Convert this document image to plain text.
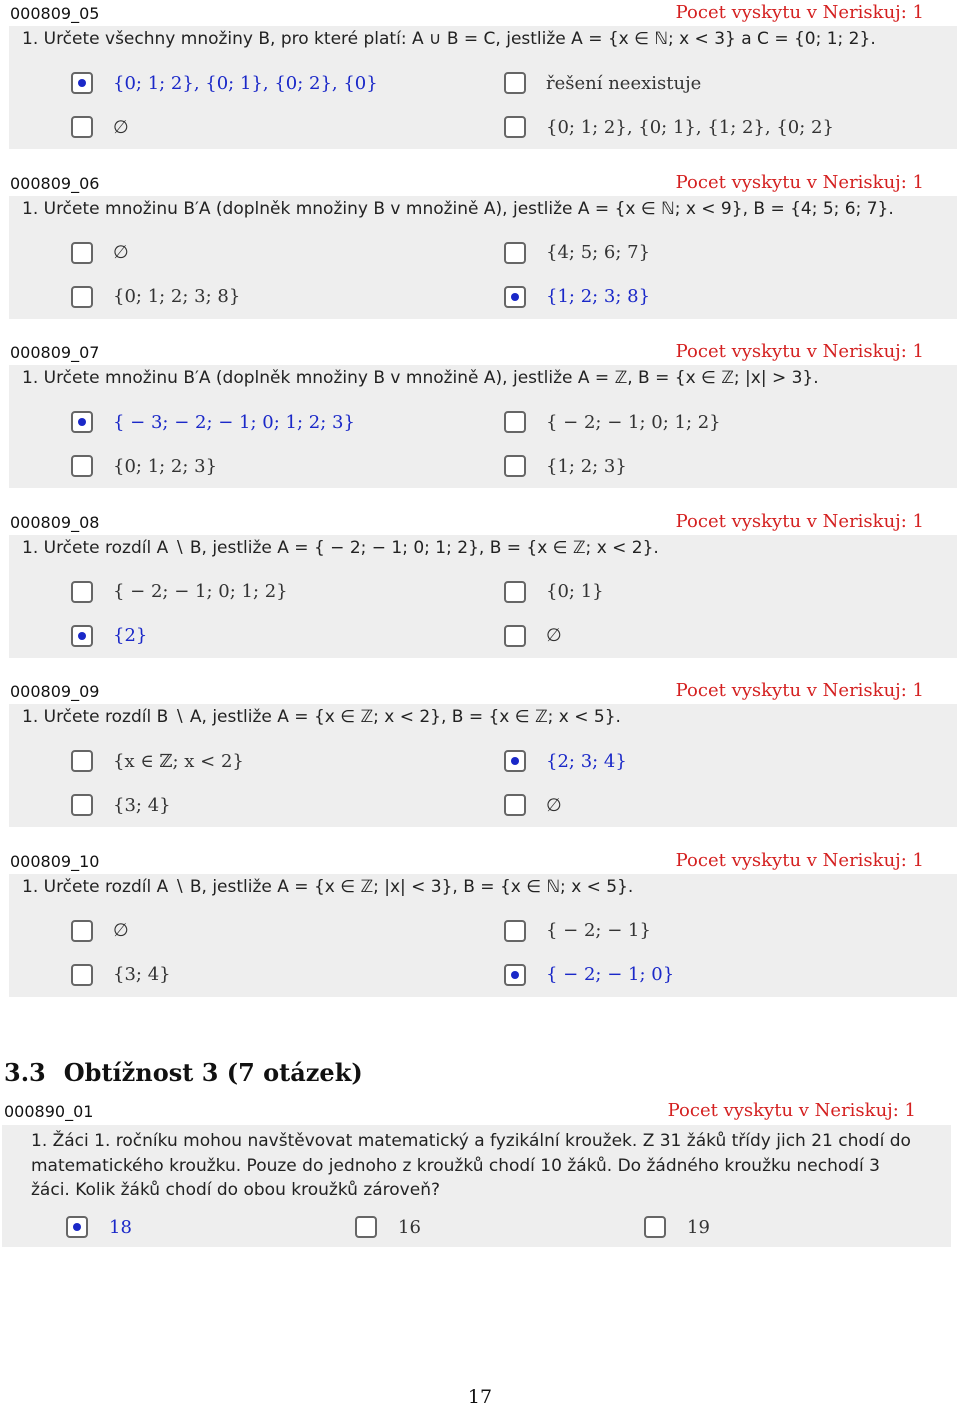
000809_05	Pocet vyskytu v Neriskuj: 1
1. Určete všechny množiny B, pro které platí: A ∪ B = C, jestliže A = {x ∈ ℕ; x < 3} a C = {0; 1; 2}.
{0; 1; 2}, {0; 1}, {0; 2}, {0}	řešení neexistuje
∅	{0; 1; 2}, {0; 1}, {1; 2}, {0; 2}
000809_06	Pocet vyskytu v Neriskuj: 1
1. Určete množinu B′A (doplněk množiny B v množině A), jestliže A = {x ∈ ℕ; x < 9}, B = {4; 5; 6; 7}.
∅	{4; 5; 6; 7}
{0; 1; 2; 3; 8}	{1; 2; 3; 8}
000809_07	Pocet vyskytu v Neriskuj: 1
1. Určete množinu B′A (doplněk množiny B v množině A), jestliže A = ℤ, B = {x ∈ ℤ; |x| > 3}.
{ − 3; − 2; − 1; 0; 1; 2; 3}	{ − 2; − 1; 0; 1; 2}
{0; 1; 2; 3}	{1; 2; 3}
000809_08	Pocet vyskytu v Neriskuj: 1
1. Určete rozdíl A ∖ B, jestliže A = { − 2; − 1; 0; 1; 2}, B = {x ∈ ℤ; x < 2}.
{ − 2; − 1; 0; 1; 2}	{0; 1}
{2}	∅
000809_09	Pocet vyskytu v Neriskuj: 1
1. Určete rozdíl B ∖ A, jestliže A = {x ∈ ℤ; x < 2}, B = {x ∈ ℤ; x < 5}.
{x ∈ ℤ; x < 2}	{2; 3; 4}
{3; 4}	∅
000809_10	Pocet vyskytu v Neriskuj: 1
1. Určete rozdíl A ∖ B, jestliže A = {x ∈ ℤ; |x| < 3}, B = {x ∈ ℕ; x < 5}.
∅	{ − 2; − 1}
{3; 4}	{ − 2; − 1; 0}
3.3 Obtížnost 3 (7 otázek)
000890_01	Pocet vyskytu v Neriskuj: 1
1. Žáci 1. ročníku mohou navštěvovat matematický a fyzikální kroužek. Z 31 žáků třídy jich 21 chodí do matematického kroužku. Pouze do jednoho z kroužků chodí 10 žáků. Do žádného kroužku nechodí 3 žáci. Kolik žáků chodí do obou kroužků zároveň?
18	16	19
17
